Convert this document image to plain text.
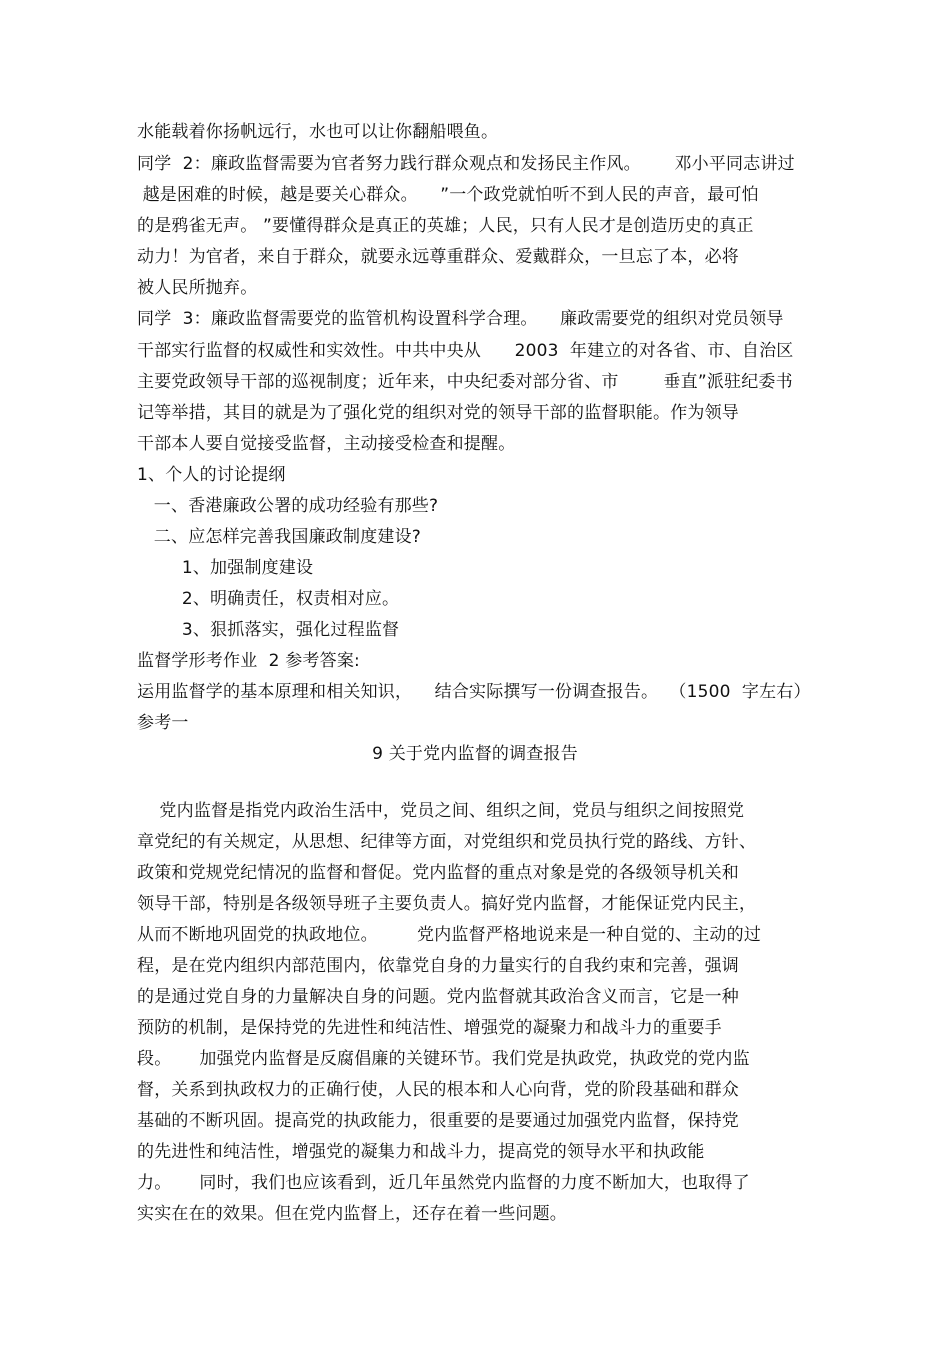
水能载着你扬帆远行，水也可以让你翻船喂鱼。
同学  2：廉政监督需要为官者努力践行群众观点和发扬民主作风。      邓小平同志讲过
越是困难的时候，越是要关心群众。    ”一个政党就怕听不到人民的声音，最可怕
的是鸦雀无声。 ”要懂得群众是真正的英雄；人民，只有人民才是创造历史的真正
动力！为官者，来自于群众，就要永远尊重群众、爱戴群众，一旦忘了本，必将
被人民所抛弃。
同学  3：廉政监督需要党的监管机构设置科学合理。    廉政需要党的组织对党员领导
干部实行监督的权威性和实效性。中共中央从      2003  年建立的对各省、市、自治区
主要党政领导干部的巡视制度；近年来，中央纪委对部分省、市        垂直”派驻纪委书
记等举措，其目的就是为了强化党的组织对党的领导干部的监督职能。作为领导
干部本人要自觉接受监督，主动接受检查和提醒。
1、个人的讨论提纲
一、香港廉政公署的成功经验有那些?
二、应怎样完善我国廉政制度建设?
1、加强制度建设
2、明确责任，权责相对应。
3、狠抓落实，强化过程监督
监督学形考作业  2 参考答案:
运用监督学的基本原理和相关知识，    结合实际撰写一份调查报告。  （1500  字左右）
参考一
9 关于党内监督的调查报告
党内监督是指党内政治生活中，党员之间、组织之间，党员与组织之间按照党
章党纪的有关规定，从思想、纪律等方面，对党组织和党员执行党的路线、方针、
政策和党规党纪情况的监督和督促。党内监督的重点对象是党的各级领导机关和
领导干部，特别是各级领导班子主要负责人。搞好党内监督，才能保证党内民主，
从而不断地巩固党的执政地位。       党内监督严格地说来是一种自觉的、主动的过
程，是在党内组织内部范围内，依靠党自身的力量实行的自我约束和完善，强调
的是通过党自身的力量解决自身的问题。党内监督就其政治含义而言，它是一种
预防的机制，是保持党的先进性和纯洁性、增强党的凝聚力和战斗力的重要手
段。     加强党内监督是反腐倡廉的关键环节。我们党是执政党，执政党的党内监
督，关系到执政权力的正确行使，人民的根本和人心向背，党的阶段基础和群众
基础的不断巩固。提高党的执政能力，很重要的是要通过加强党内监督，保持党
的先进性和纯洁性，增强党的凝集力和战斗力，提高党的领导水平和执政能
力。     同时，我们也应该看到，近几年虽然党内监督的力度不断加大，也取得了
实实在在的效果。但在党内监督上，还存在着一些问题。
